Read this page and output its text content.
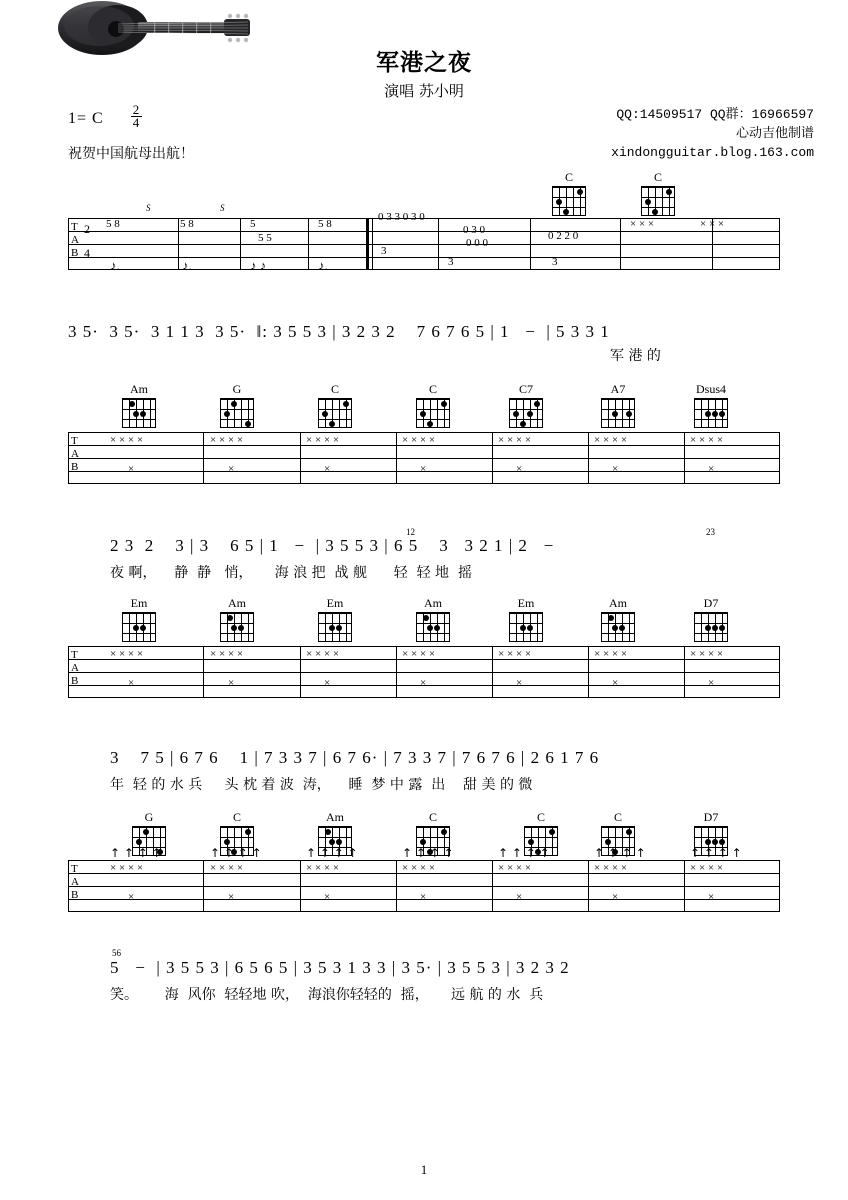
军港之夜
演唱 苏小明
1= C
2
4
祝贺中国航母出航！
QQ:14509517 QQ群：16966597
心动吉他制谱
xindongguitar.blog.163.com
C	C
T
A
B
2
4
S	S
5 8	5 8	5
5 5
5 8
0 3 3 0 3 0
3
0 3 0
0 0 0
3
0 2 2 0
3
× × ×	× × ×
♪.	♪.	♪ ♪	♪.
3 5·  3 5·  3 1 1 3  3 5·  ‖: 3 5 5 3 | 3 2 3 2    7 6 7 6 5 | 1   −  | 5 3 3 1
军 港 的
Am	G	C	C	C7	A7	Dsus4
T
A
B
× × × ×	× × × ×	× × × ×	× × × ×	× × × ×	× × × ×	× × × ×
×	×	×	×	×	×	×
12	23
2 3  2    3 | 3    6 5 | 1   −  | 3 5 5 3 | 6 5    3   3 2 1 | 2   −
夜 啊，    静  静   悄，     海 浪 把  战 舰      轻  轻 地  摇
Em	Am	Em	Am	Em	Am	D7
T
A
B
× × × ×	× × × ×	× × × ×	× × × ×	× × × ×	× × × ×	× × × ×
×	×	×	×	×	×	×
3    7 5 | 6 7 6    1 | 7 3 3 7 | 6 7 6· | 7 3 3 7 | 7 6 7 6 | 2 6 1 7 6
年  轻 的 水 兵     头 枕 着 波  涛，    睡  梦 中 露  出    甜 美 的 微
G	C	Am	C	C	C	D7
T
A
B
↑ ↑ ↑ ↑	↑ ↑ ↑ ↑	↑ ↑ ↑ ↑	↑ ↑ ↑ ↑	↑ ↑ ↑ ↑	↑ ↑ ↑ ↑	↑ ↑ ↑ ↑
× × × ×	× × × ×	× × × ×	× × × ×	× × × ×	× × × ×	× × × ×
×	×	×	×	×	×	×
56
5   −  | 3 5 5 3 | 6 5 6 5 | 3 5 3 1 3 3 | 3 5· | 3 5 5 3 | 3 2 3 2
笑。      海  风你  轻轻地 吹，  海浪你轻轻的  摇，     远 航 的 水  兵
1
